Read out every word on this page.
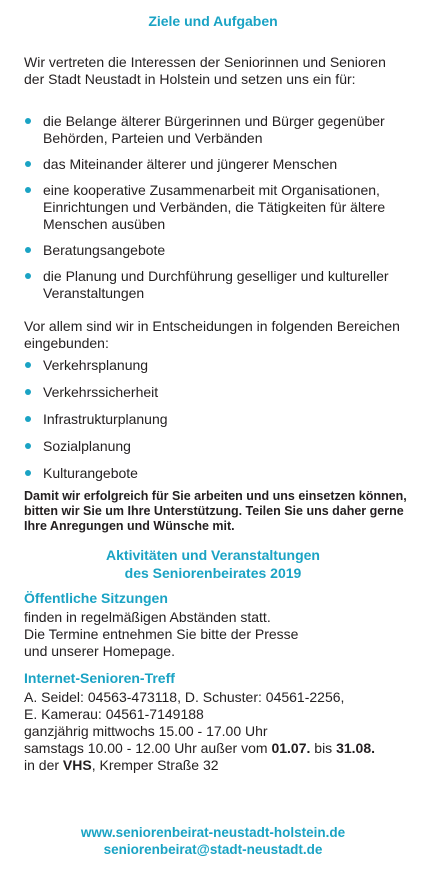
Ziele und Aufgaben
Wir vertreten die Interessen der Seniorinnen und Senioren der Stadt Neustadt in Holstein und setzen uns ein für:
die Belange älterer Bürgerinnen und Bürger gegenüber Behörden, Parteien und Verbänden
das Miteinander älterer und jüngerer Menschen
eine kooperative Zusammenarbeit mit Organisationen, Einrichtungen und Verbänden, die Tätigkeiten für ältere Menschen ausüben
Beratungsangebote
die Planung und Durchführung geselliger und kultureller Veranstaltungen
Vor allem sind wir in Entscheidungen in folgenden Bereichen eingebunden:
Verkehrsplanung
Verkehrssicherheit
Infrastrukturplanung
Sozialplanung
Kulturangebote
Damit wir erfolgreich für Sie arbeiten und uns einsetzen können, bitten wir Sie um Ihre Unterstützung. Teilen Sie uns daher gerne Ihre Anregungen und Wünsche mit.
Aktivitäten und Veranstaltungen
des Seniorenbeirates 2019
Öffentliche Sitzungen
finden in regelmäßigen Abständen statt.
Die Termine entnehmen Sie bitte der Presse
und unserer Homepage.
Internet-Senioren-Treff
A. Seidel: 04563-473118, D. Schuster: 04561-2256,
E. Kamerau: 04561-7149188
ganzjährig mittwochs 15.00 - 17.00 Uhr
samstags 10.00 - 12.00 Uhr außer vom 01.07. bis 31.08.
in der VHS, Kremper Straße 32
www.seniorenbeirat-neustadt-holstein.de
seniorenbeirat@stadt-neustadt.de
